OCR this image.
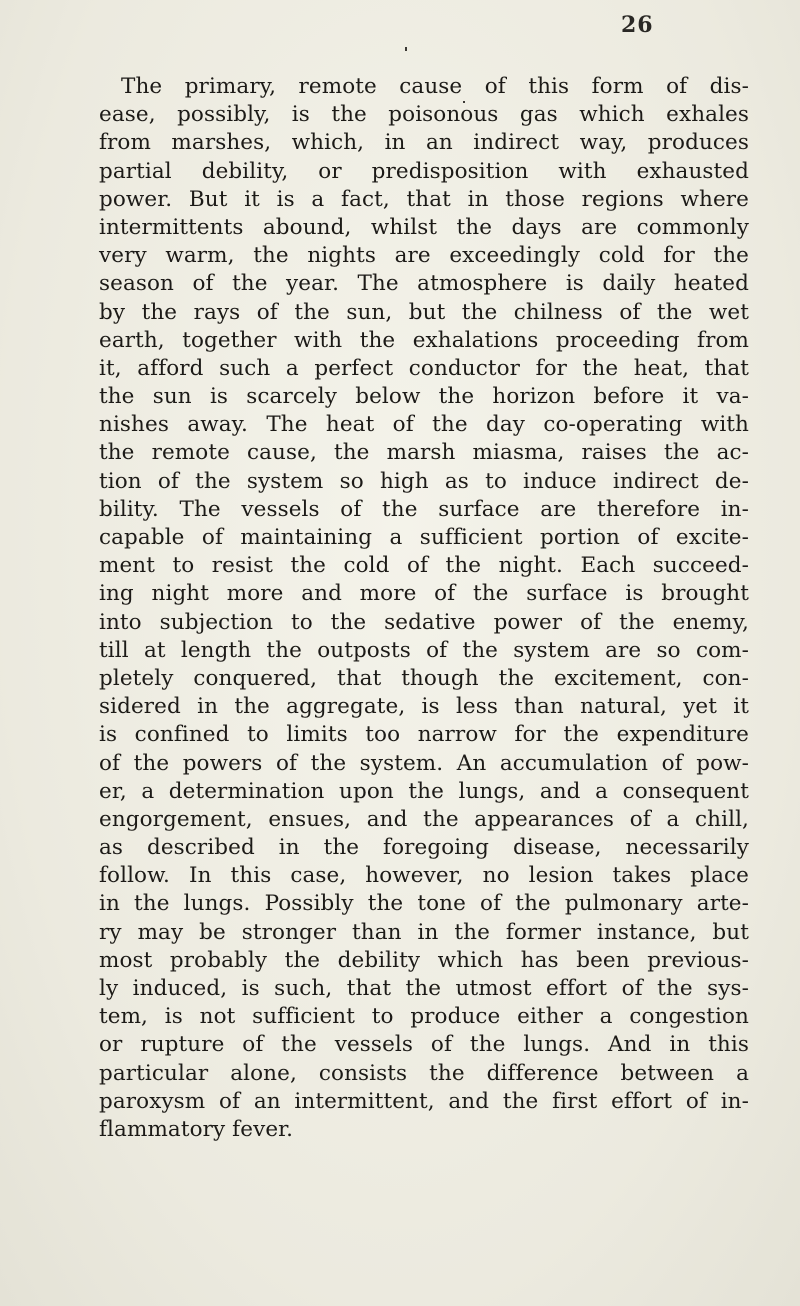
26
The primary, remote cause of this form of dis-
ease, possibly, is the poisonous gas which exhales
from marshes, which, in an indirect way, produces
partial debility, or predisposition with exhausted
power. But it is a fact, that in those regions where
intermittents abound, whilst the days are commonly
very warm, the nights are exceedingly cold for the
season of the year. The atmosphere is daily heated
by the rays of the sun, but the chilness of the wet
earth, together with the exhalations proceeding from
it, afford such a perfect conductor for the heat, that
the sun is scarcely below the horizon before it va-
nishes away. The heat of the day co-operating with
the remote cause, the marsh miasma, raises the ac-
tion of the system so high as to induce indirect de-
bility. The vessels of the surface are therefore in-
capable of maintaining a sufficient portion of excite-
ment to resist the cold of the night. Each succeed-
ing night more and more of the surface is brought
into subjection to the sedative power of the enemy,
till at length the outposts of the system are so com-
pletely conquered, that though the excitement, con-
sidered in the aggregate, is less than natural, yet it
is confined to limits too narrow for the expenditure
of the powers of the system. An accumulation of pow-
er, a determination upon the lungs, and a consequent
engorgement, ensues, and the appearances of a chill,
as described in the foregoing disease, necessarily
follow. In this case, however, no lesion takes place
in the lungs. Possibly the tone of the pulmonary arte-
ry may be stronger than in the former instance, but
most probably the debility which has been previous-
ly induced, is such, that the utmost effort of the sys-
tem, is not sufficient to produce either a congestion
or rupture of the vessels of the lungs. And in this
particular alone, consists the difference between a
paroxysm of an intermittent, and the first effort of in-
flammatory fever.
